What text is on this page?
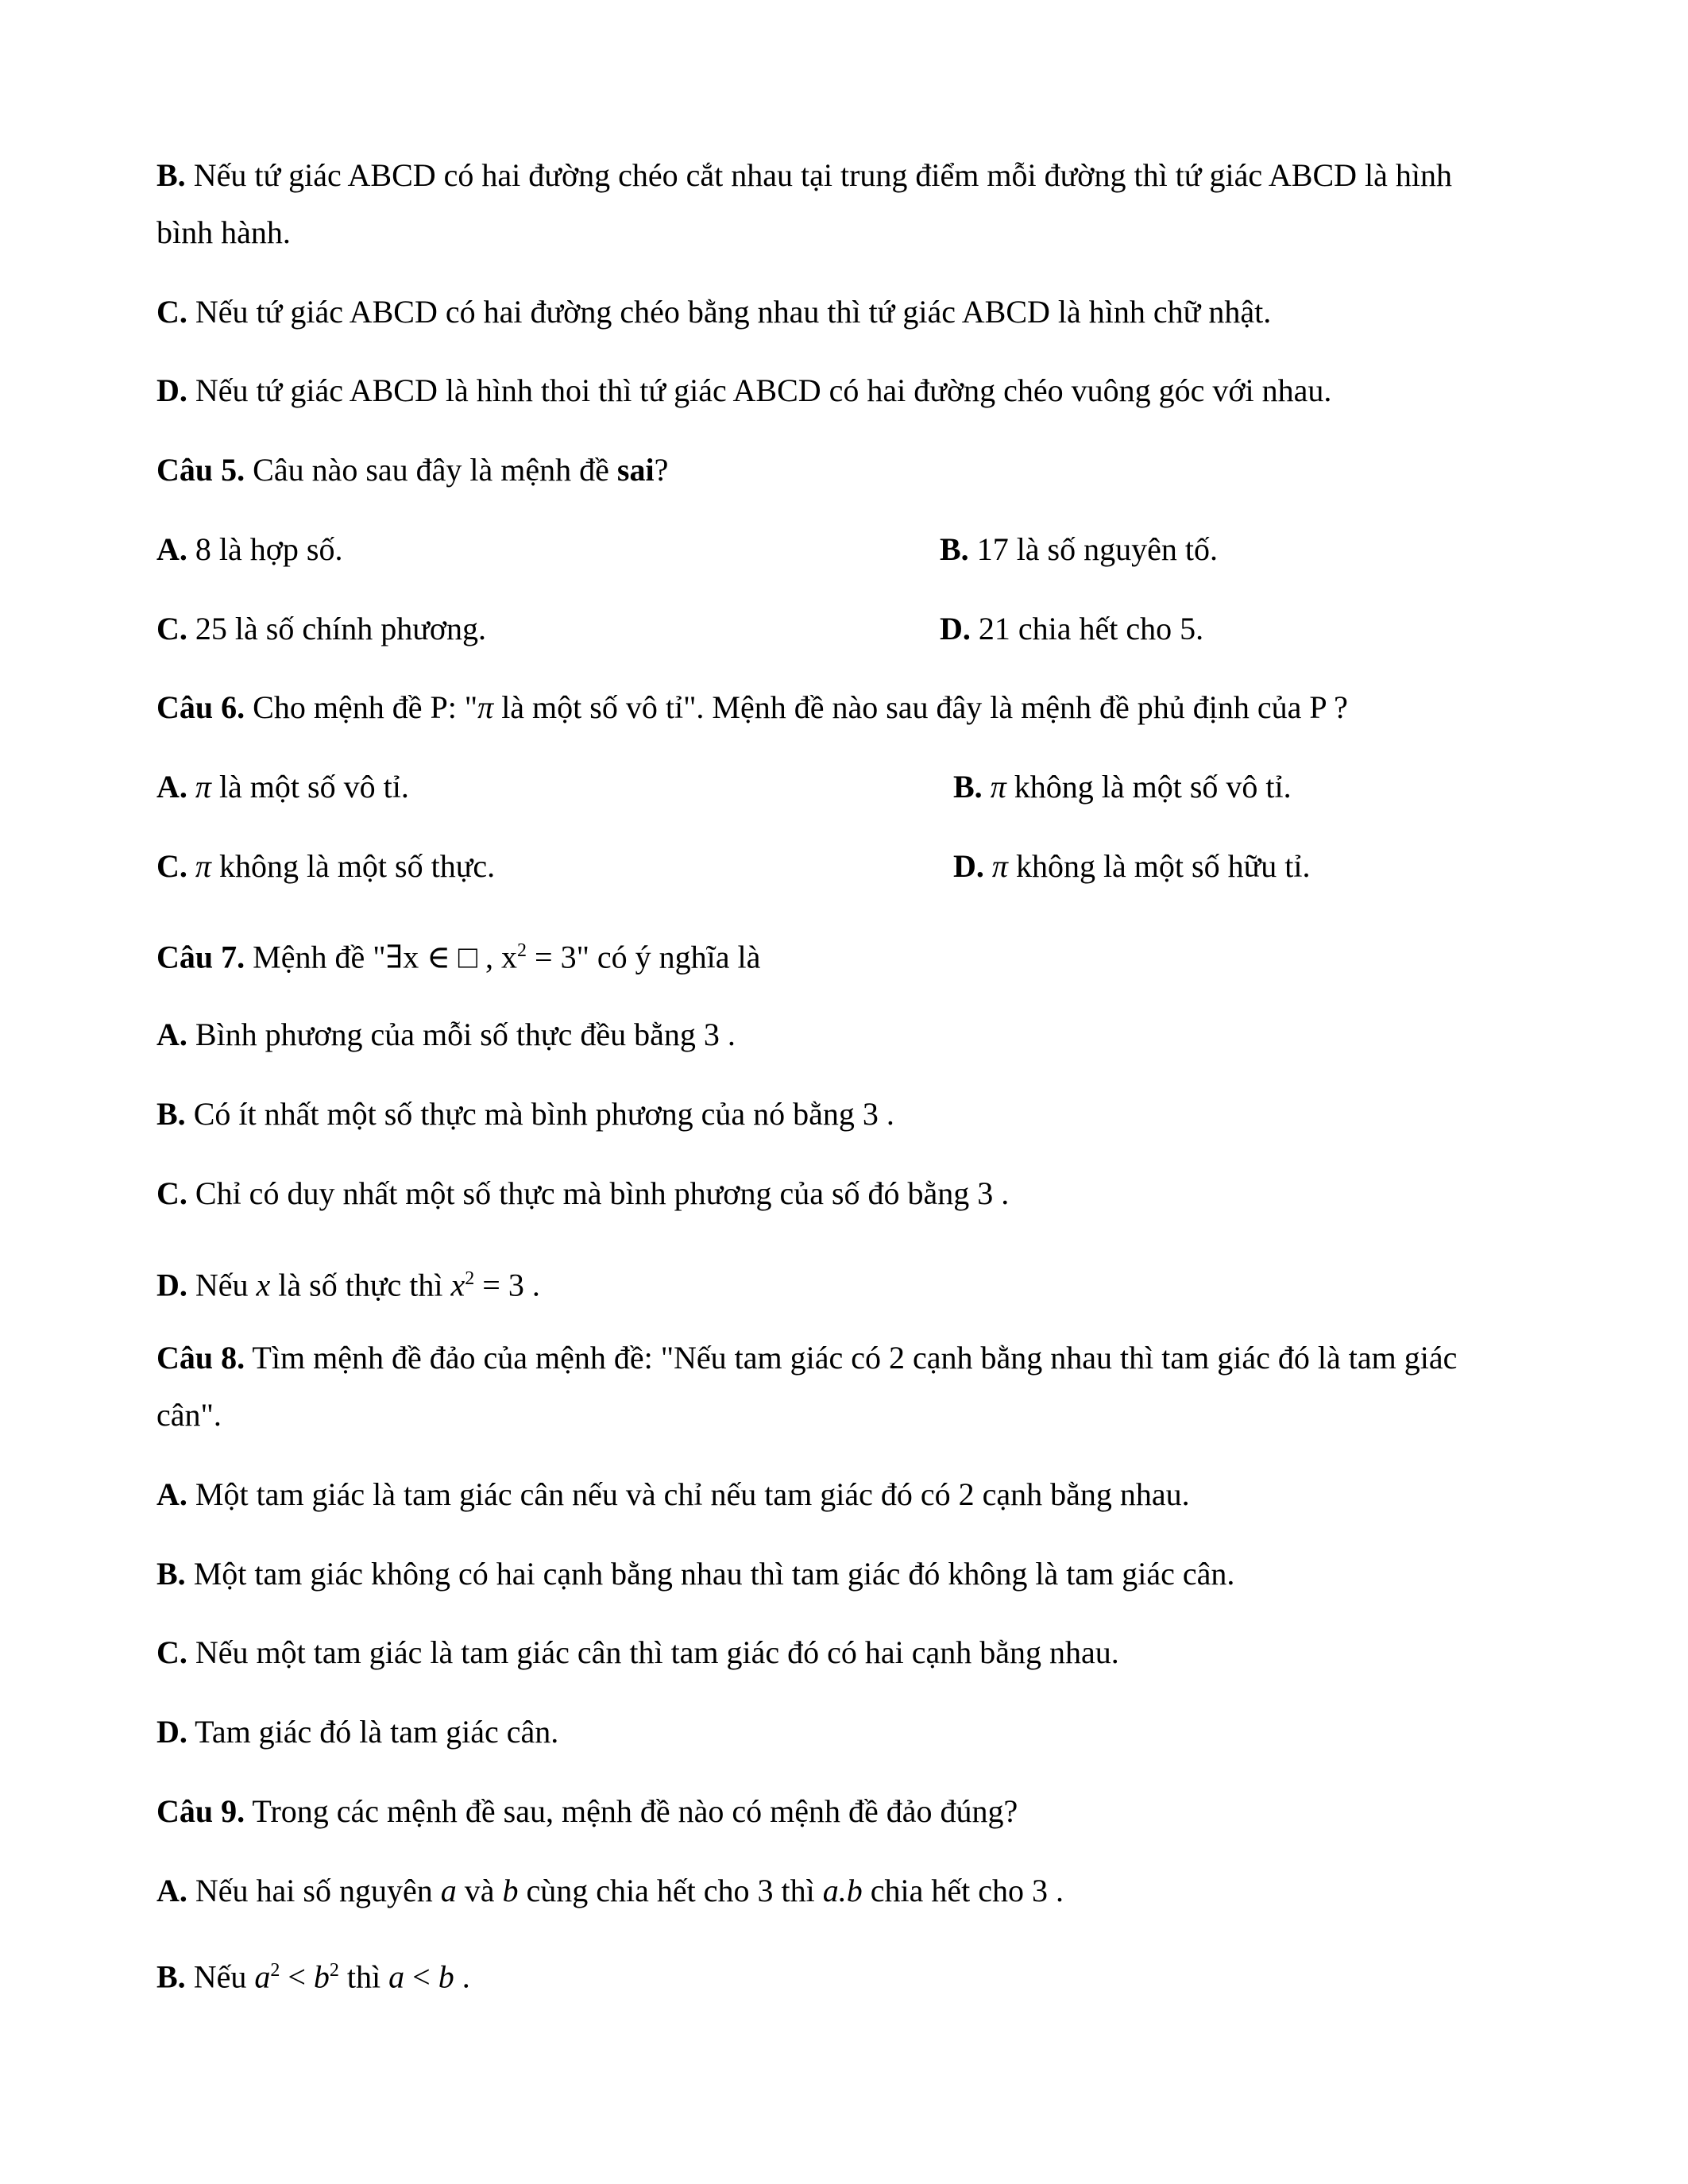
B. Nếu tứ giác ABCD có hai đường chéo cắt nhau tại trung điểm mỗi đường thì tứ giác ABCD là hình
bình hành.
C. Nếu tứ giác ABCD có hai đường chéo bằng nhau thì tứ giác ABCD là hình chữ nhật.
D. Nếu tứ giác ABCD là hình thoi thì tứ giác ABCD có hai đường chéo vuông góc với nhau.
Câu 5. Câu nào sau đây là mệnh đề sai?
A. 8 là hợp số.	B. 17 là số nguyên tố.
C. 25 là số chính phương.	D. 21 chia hết cho 5.
Câu 6. Cho mệnh đề P: "π là một số vô tỉ". Mệnh đề nào sau đây là mệnh đề phủ định của P ?
A. π là một số vô tỉ.	B. π không là một số vô tỉ.
C. π không là một số thực.	D. π không là một số hữu tỉ.
Câu 7. Mệnh đề "∃x ∈ □ , $x^2 = 3$" có ý nghĩa là
A. Bình phương của mỗi số thực đều bằng 3 .
B. Có ít nhất một số thực mà bình phương của nó bằng 3 .
C. Chỉ có duy nhất một số thực mà bình phương của số đó bằng 3 .
D. Nếu x là số thực thì $x^2 = 3$ .
Câu 8. Tìm mệnh đề đảo của mệnh đề: "Nếu tam giác có 2 cạnh bằng nhau thì tam giác đó là tam giác
cân".
A. Một tam giác là tam giác cân nếu và chỉ nếu tam giác đó có 2 cạnh bằng nhau.
B. Một tam giác không có hai cạnh bằng nhau thì tam giác đó không là tam giác cân.
C. Nếu một tam giác là tam giác cân thì tam giác đó có hai cạnh bằng nhau.
D. Tam giác đó là tam giác cân.
Câu 9. Trong các mệnh đề sau, mệnh đề nào có mệnh đề đảo đúng?
A. Nếu hai số nguyên a và b cùng chia hết cho 3 thì a.b chia hết cho 3 .
B. Nếu $a^2 < b^2$ thì a < b .
